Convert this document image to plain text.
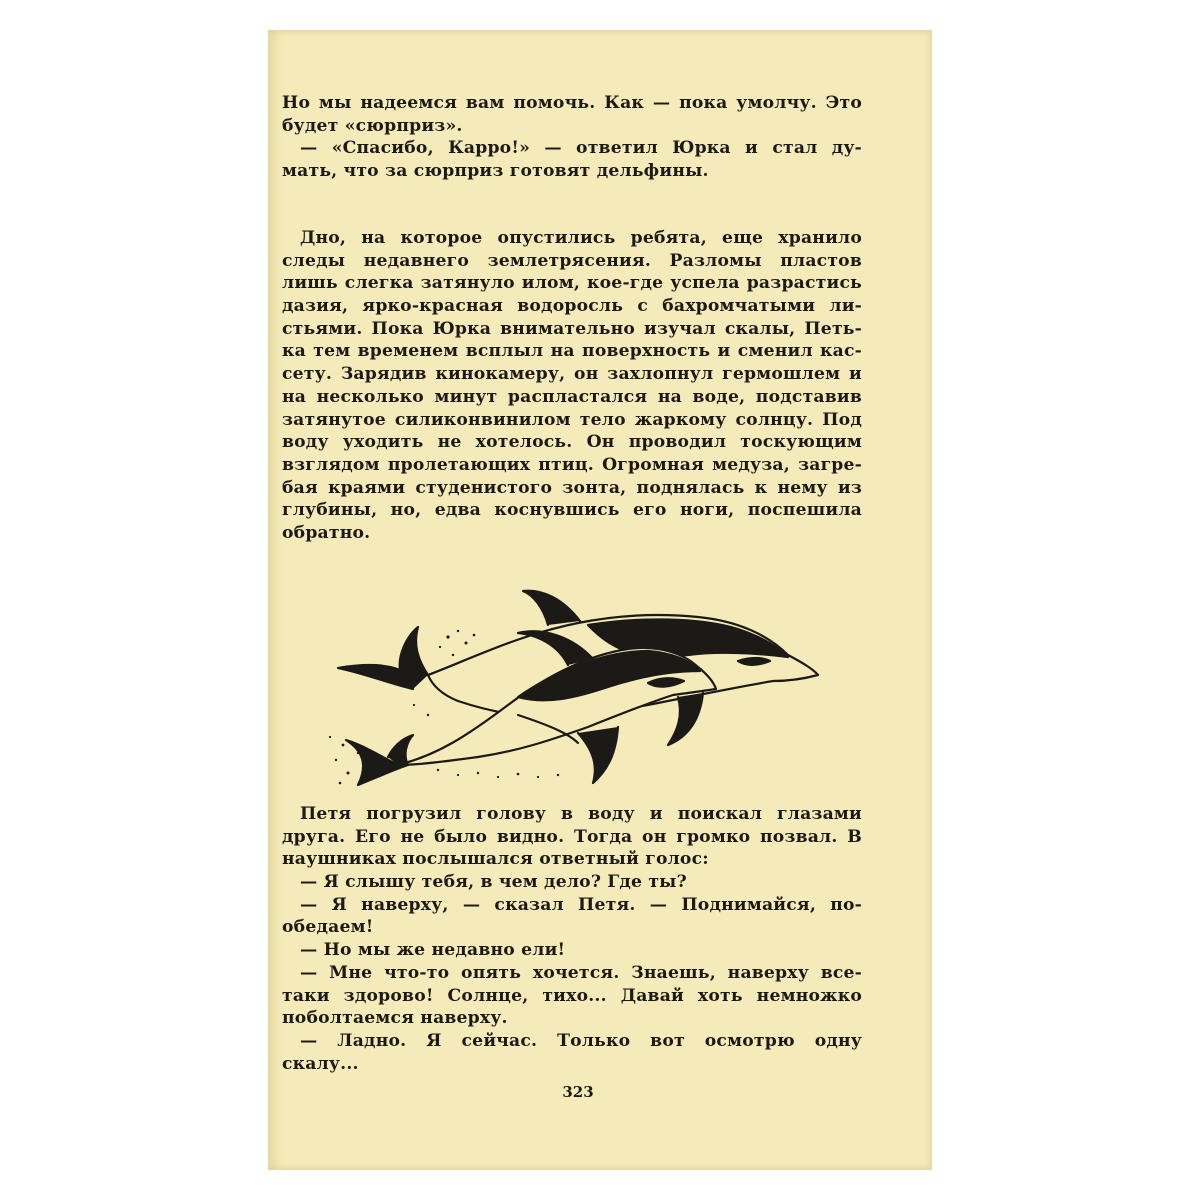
Но мы надеемся вам помочь. Как — пока умолчу. Это
будет «сюрприз».
— «Спасибо, Карро!» — ответил Юрка и стал ду-
мать, что за сюрприз готовят дельфины.
Дно, на которое опустились ребята, еще хранило
следы недавнего землетрясения. Разломы пластов
лишь слегка затянуло илом, кое-где успела разрастись
дазия, ярко-красная водоросль с бахромчатыми ли-
стьями. Пока Юрка внимательно изучал скалы, Петь-
ка тем временем всплыл на поверхность и сменил кас-
сету. Зарядив кинокамеру, он захлопнул гермошлем и
на несколько минут распластался на воде, подставив
затянутое силиконвинилом тело жаркому солнцу. Под
воду уходить не хотелось. Он проводил тоскующим
взглядом пролетающих птиц. Огромная медуза, загре-
бая краями студенистого зонта, поднялась к нему из
глубины, но, едва коснувшись его ноги, поспешила
обратно.
Петя погрузил голову в воду и поискал глазами
друга. Его не было видно. Тогда он громко позвал. В
наушниках послышался ответный голос:
— Я слышу тебя, в чем дело? Где ты?
— Я наверху, — сказал Петя. — Поднимайся, по-
обедаем!
— Но мы же недавно ели!
— Мне что-то опять хочется. Знаешь, наверху все-
таки здорово! Солнце, тихо... Давай хоть немножко
поболтаемся наверху.
— Ладно. Я сейчас. Только вот осмотрю одну
скалу...
323
